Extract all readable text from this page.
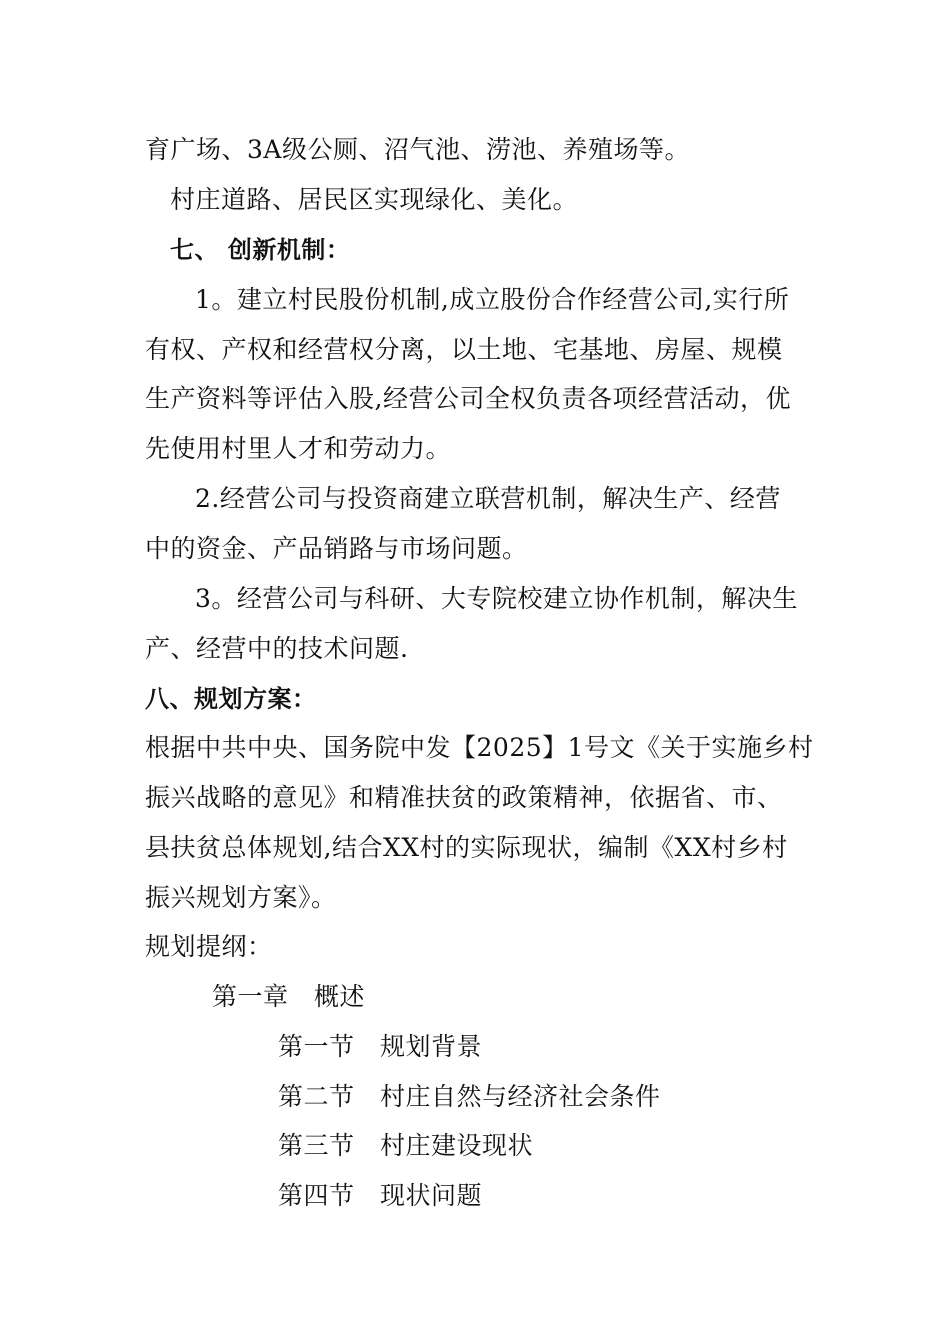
育广场、3A级公厕、沼气池、涝池、养殖场等。
村庄道路、居民区实现绿化、美化。
七、 创新机制：
1。建立村民股份机制,成立股份合作经营公司,实行所
有权、产权和经营权分离，以土地、宅基地、房屋、规模
生产资料等评估入股,经营公司全权负责各项经营活动，优
先使用村里人才和劳动力。
2.经营公司与投资商建立联营机制，解决生产、经营
中的资金、产品销路与市场问题。
3。经营公司与科研、大专院校建立协作机制，解决生
产、经营中的技术问题.
八、规划方案：
根据中共中央、国务院中发【2025】1号文《关于实施乡村
振兴战略的意见》和精准扶贫的政策精神，依据省、市、
县扶贫总体规划,结合XX村的实际现状，编制《XX村乡村
振兴规划方案》。
规划提纲：
第一章　概述
第一节　规划背景
第二节　村庄自然与经济社会条件
第三节　村庄建设现状
第四节　现状问题
